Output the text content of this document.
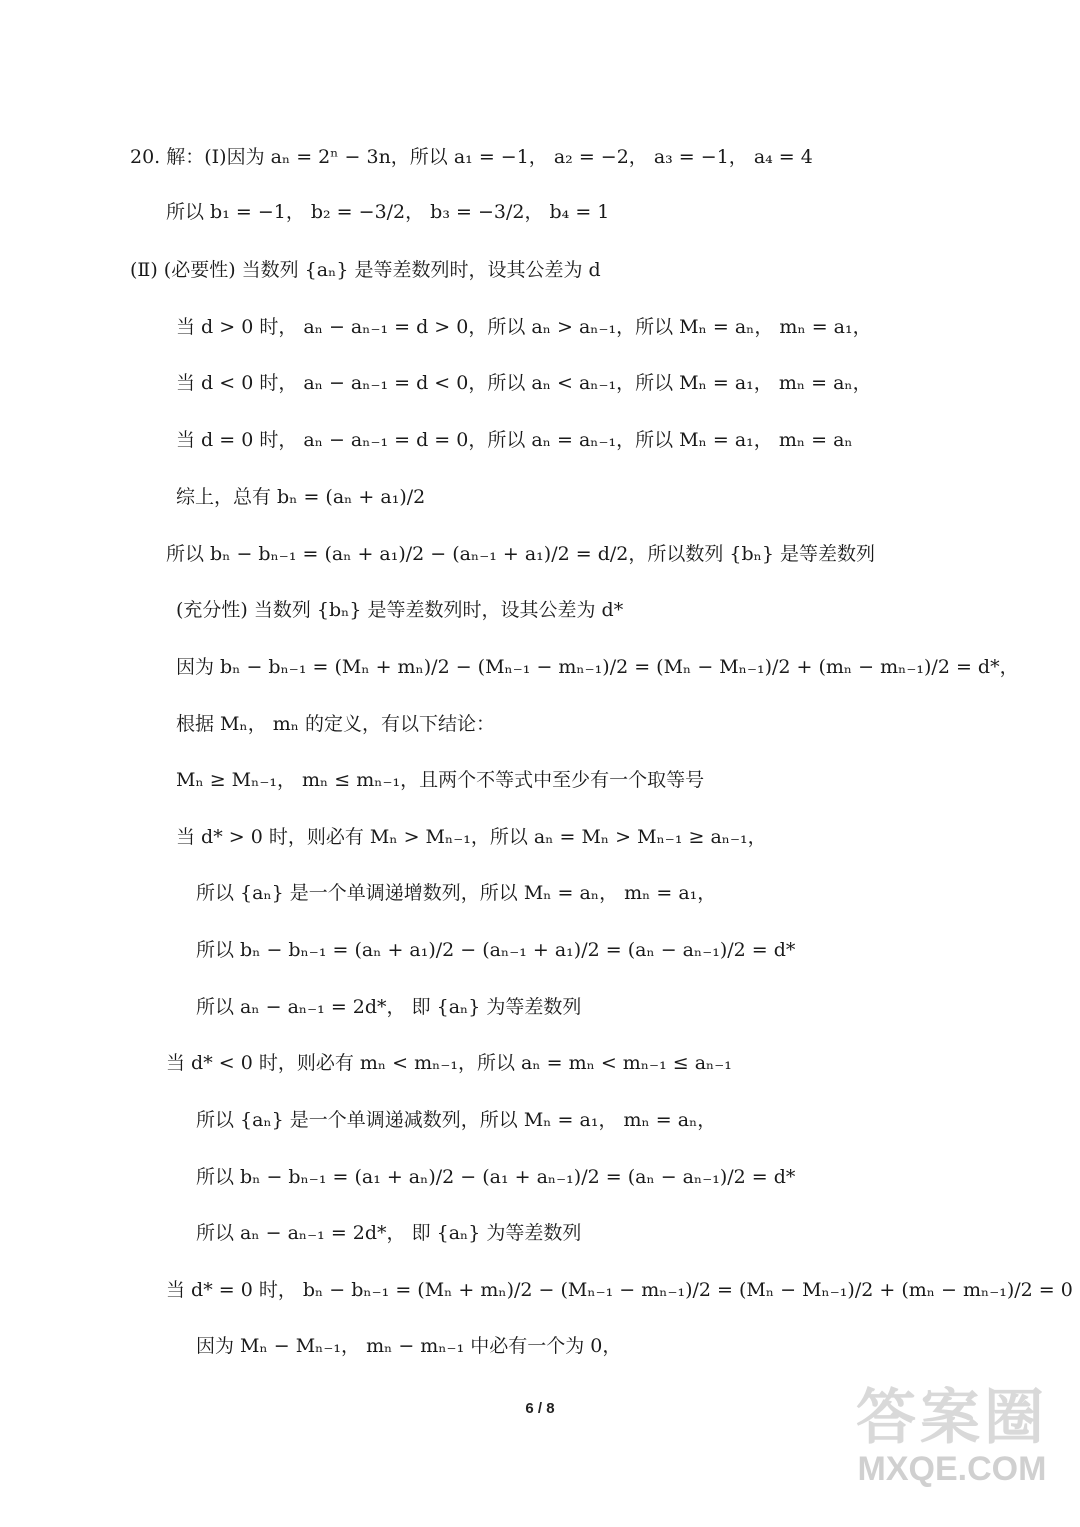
20. 解：(Ⅰ)因为 aₙ = 2ⁿ − 3n，所以 a₁ = −1， a₂ = −2， a₃ = −1， a₄ = 4
所以 b₁ = −1， b₂ = −3/2， b₃ = −3/2， b₄ = 1
(Ⅱ) (必要性) 当数列 {aₙ} 是等差数列时，设其公差为 d
当 d > 0 时， aₙ − aₙ₋₁ = d > 0，所以 aₙ > aₙ₋₁，所以 Mₙ = aₙ， mₙ = a₁，
当 d < 0 时， aₙ − aₙ₋₁ = d < 0，所以 aₙ < aₙ₋₁，所以 Mₙ = a₁， mₙ = aₙ，
当 d = 0 时， aₙ − aₙ₋₁ = d = 0，所以 aₙ = aₙ₋₁，所以 Mₙ = a₁， mₙ = aₙ
综上，总有 bₙ = (aₙ + a₁)/2
所以 bₙ − bₙ₋₁ = (aₙ + a₁)/2 − (aₙ₋₁ + a₁)/2 = d/2，所以数列 {bₙ} 是等差数列
(充分性) 当数列 {bₙ} 是等差数列时，设其公差为 d*
因为 bₙ − bₙ₋₁ = (Mₙ + mₙ)/2 − (Mₙ₋₁ − mₙ₋₁)/2 = (Mₙ − Mₙ₋₁)/2 + (mₙ − mₙ₋₁)/2 = d*，
根据 Mₙ， mₙ 的定义，有以下结论：
Mₙ ≥ Mₙ₋₁， mₙ ≤ mₙ₋₁，且两个不等式中至少有一个取等号
当 d* > 0 时，则必有 Mₙ > Mₙ₋₁，所以 aₙ = Mₙ > Mₙ₋₁ ≥ aₙ₋₁，
所以 {aₙ} 是一个单调递增数列，所以 Mₙ = aₙ， mₙ = a₁，
所以 bₙ − bₙ₋₁ = (aₙ + a₁)/2 − (aₙ₋₁ + a₁)/2 = (aₙ − aₙ₋₁)/2 = d*
所以 aₙ − aₙ₋₁ = 2d*， 即 {aₙ} 为等差数列
当 d* < 0 时，则必有 mₙ < mₙ₋₁，所以 aₙ = mₙ < mₙ₋₁ ≤ aₙ₋₁
所以 {aₙ} 是一个单调递减数列，所以 Mₙ = a₁， mₙ = aₙ，
所以 bₙ − bₙ₋₁ = (a₁ + aₙ)/2 − (a₁ + aₙ₋₁)/2 = (aₙ − aₙ₋₁)/2 = d*
所以 aₙ − aₙ₋₁ = 2d*， 即 {aₙ} 为等差数列
当 d* = 0 时， bₙ − bₙ₋₁ = (Mₙ + mₙ)/2 − (Mₙ₋₁ − mₙ₋₁)/2 = (Mₙ − Mₙ₋₁)/2 + (mₙ − mₙ₋₁)/2 = 0
因为 Mₙ − Mₙ₋₁， mₙ − mₙ₋₁ 中必有一个为 0，
6 / 8	答案圈
MXQE.COM
